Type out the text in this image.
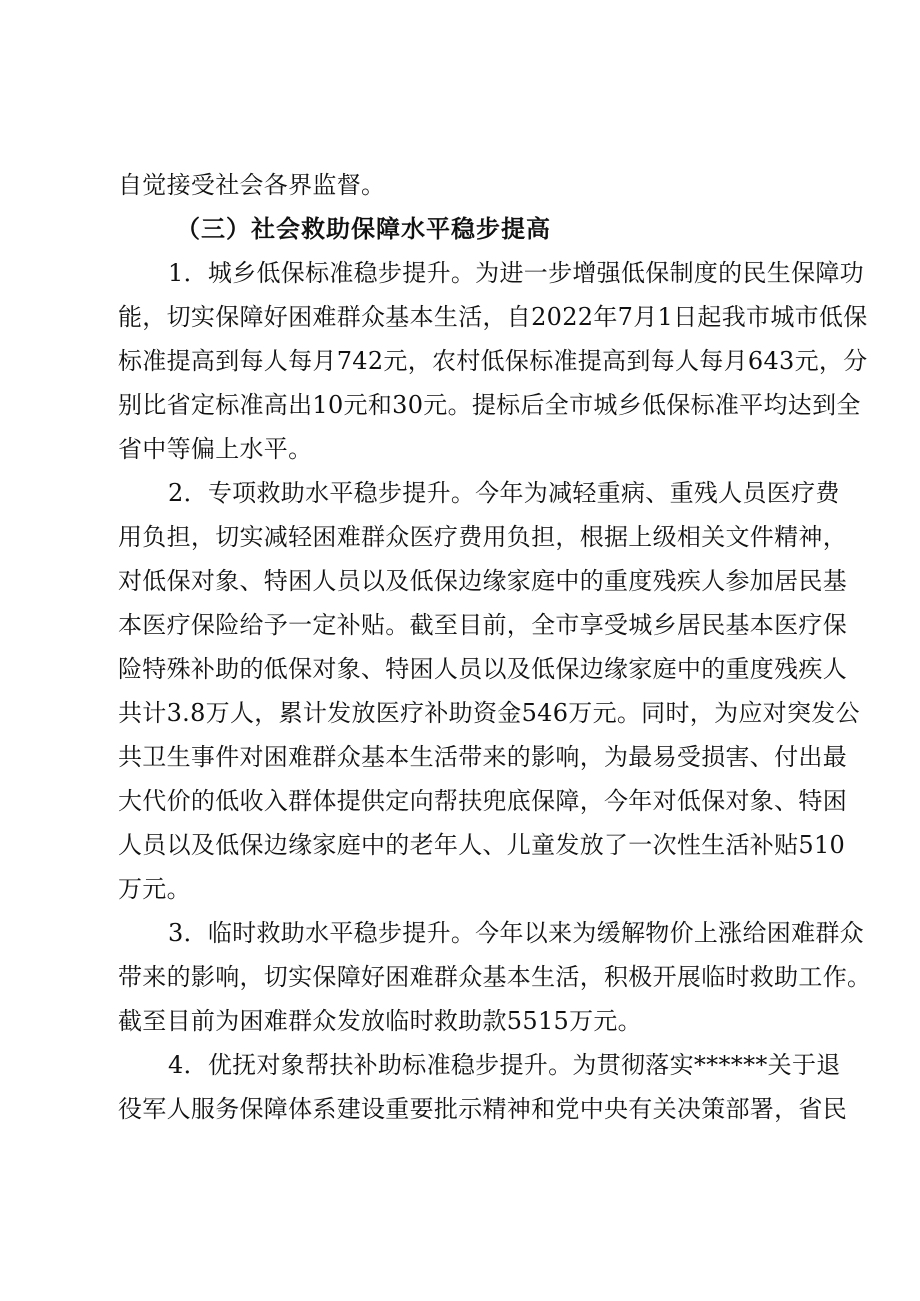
自觉接受社会各界监督。
（三）社会救助保障水平稳步提高
1．城乡低保标准稳步提升。为进一步增强低保制度的民生保障功
能，切实保障好困难群众基本生活，自2022年7月1日起我市城市低保
标准提高到每人每月742元，农村低保标准提高到每人每月643元，分
别比省定标准高出10元和30元。提标后全市城乡低保标准平均达到全
省中等偏上水平。
2．专项救助水平稳步提升。今年为减轻重病、重残人员医疗费
用负担，切实减轻困难群众医疗费用负担，根据上级相关文件精神，
对低保对象、特困人员以及低保边缘家庭中的重度残疾人参加居民基
本医疗保险给予一定补贴。截至目前，全市享受城乡居民基本医疗保
险特殊补助的低保对象、特困人员以及低保边缘家庭中的重度残疾人
共计3.8万人，累计发放医疗补助资金546万元。同时，为应对突发公
共卫生事件对困难群众基本生活带来的影响，为最易受损害、付出最
大代价的低收入群体提供定向帮扶兜底保障，今年对低保对象、特困
人员以及低保边缘家庭中的老年人、儿童发放了一次性生活补贴510
万元。
3．临时救助水平稳步提升。今年以来为缓解物价上涨给困难群众
带来的影响，切实保障好困难群众基本生活，积极开展临时救助工作。
截至目前为困难群众发放临时救助款5515万元。
4．优抚对象帮扶补助标准稳步提升。为贯彻落实******关于退
役军人服务保障体系建设重要批示精神和党中央有关决策部署，省民
